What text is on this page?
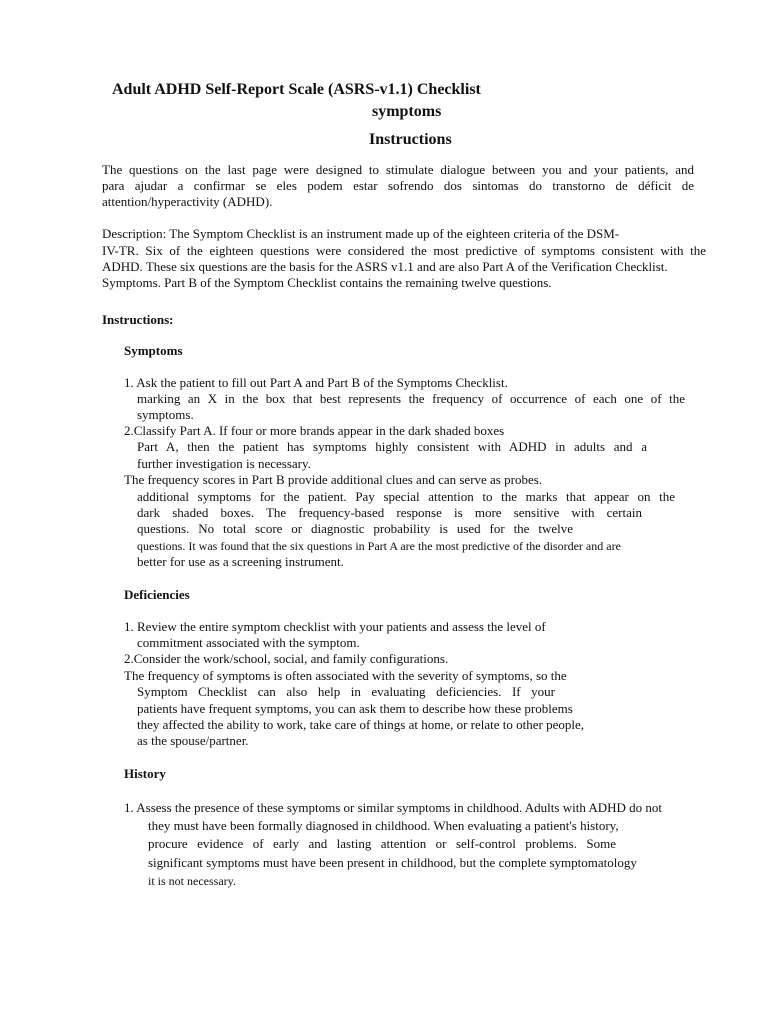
Adult ADHD Self-Report Scale (ASRS-v1.1) Checklist
symptoms
Instructions
The questions on the last page were designed to stimulate dialogue between you and your patients, and
para ajudar a confirmar se eles podem estar sofrendo dos sintomas do transtorno de déficit de
attention/hyperactivity (ADHD).
Description: The Symptom Checklist is an instrument made up of the eighteen criteria of the DSM-
IV-TR. Six of the eighteen questions were considered the most predictive of symptoms consistent with the
ADHD. These six questions are the basis for the ASRS v1.1 and are also Part A of the Verification Checklist.
Symptoms. Part B of the Symptom Checklist contains the remaining twelve questions.
Instructions:
Symptoms
1. Ask the patient to fill out Part A and Part B of the Symptoms Checklist.
marking an X in the box that best represents the frequency of occurrence of each one of the
symptoms.
2.Classify Part A. If four or more brands appear in the dark shaded boxes
Part A, then the patient has symptoms highly consistent with ADHD in adults and a
further investigation is necessary.
The frequency scores in Part B provide additional clues and can serve as probes.
additional symptoms for the patient. Pay special attention to the marks that appear on the
dark shaded boxes. The frequency-based response is more sensitive with certain
questions. No total score or diagnostic probability is used for the twelve
questions. It was found that the six questions in Part A are the most predictive of the disorder and are
better for use as a screening instrument.
Deficiencies
1. Review the entire symptom checklist with your patients and assess the level of
commitment associated with the symptom.
2.Consider the work/school, social, and family configurations.
The frequency of symptoms is often associated with the severity of symptoms, so the
Symptom Checklist can also help in evaluating deficiencies. If your
patients have frequent symptoms, you can ask them to describe how these problems
they affected the ability to work, take care of things at home, or relate to other people,
as the spouse/partner.
History
1. Assess the presence of these symptoms or similar symptoms in childhood. Adults with ADHD do not
they must have been formally diagnosed in childhood. When evaluating a patient's history,
procure evidence of early and lasting attention or self-control problems. Some
significant symptoms must have been present in childhood, but the complete symptomatology
it is not necessary.
